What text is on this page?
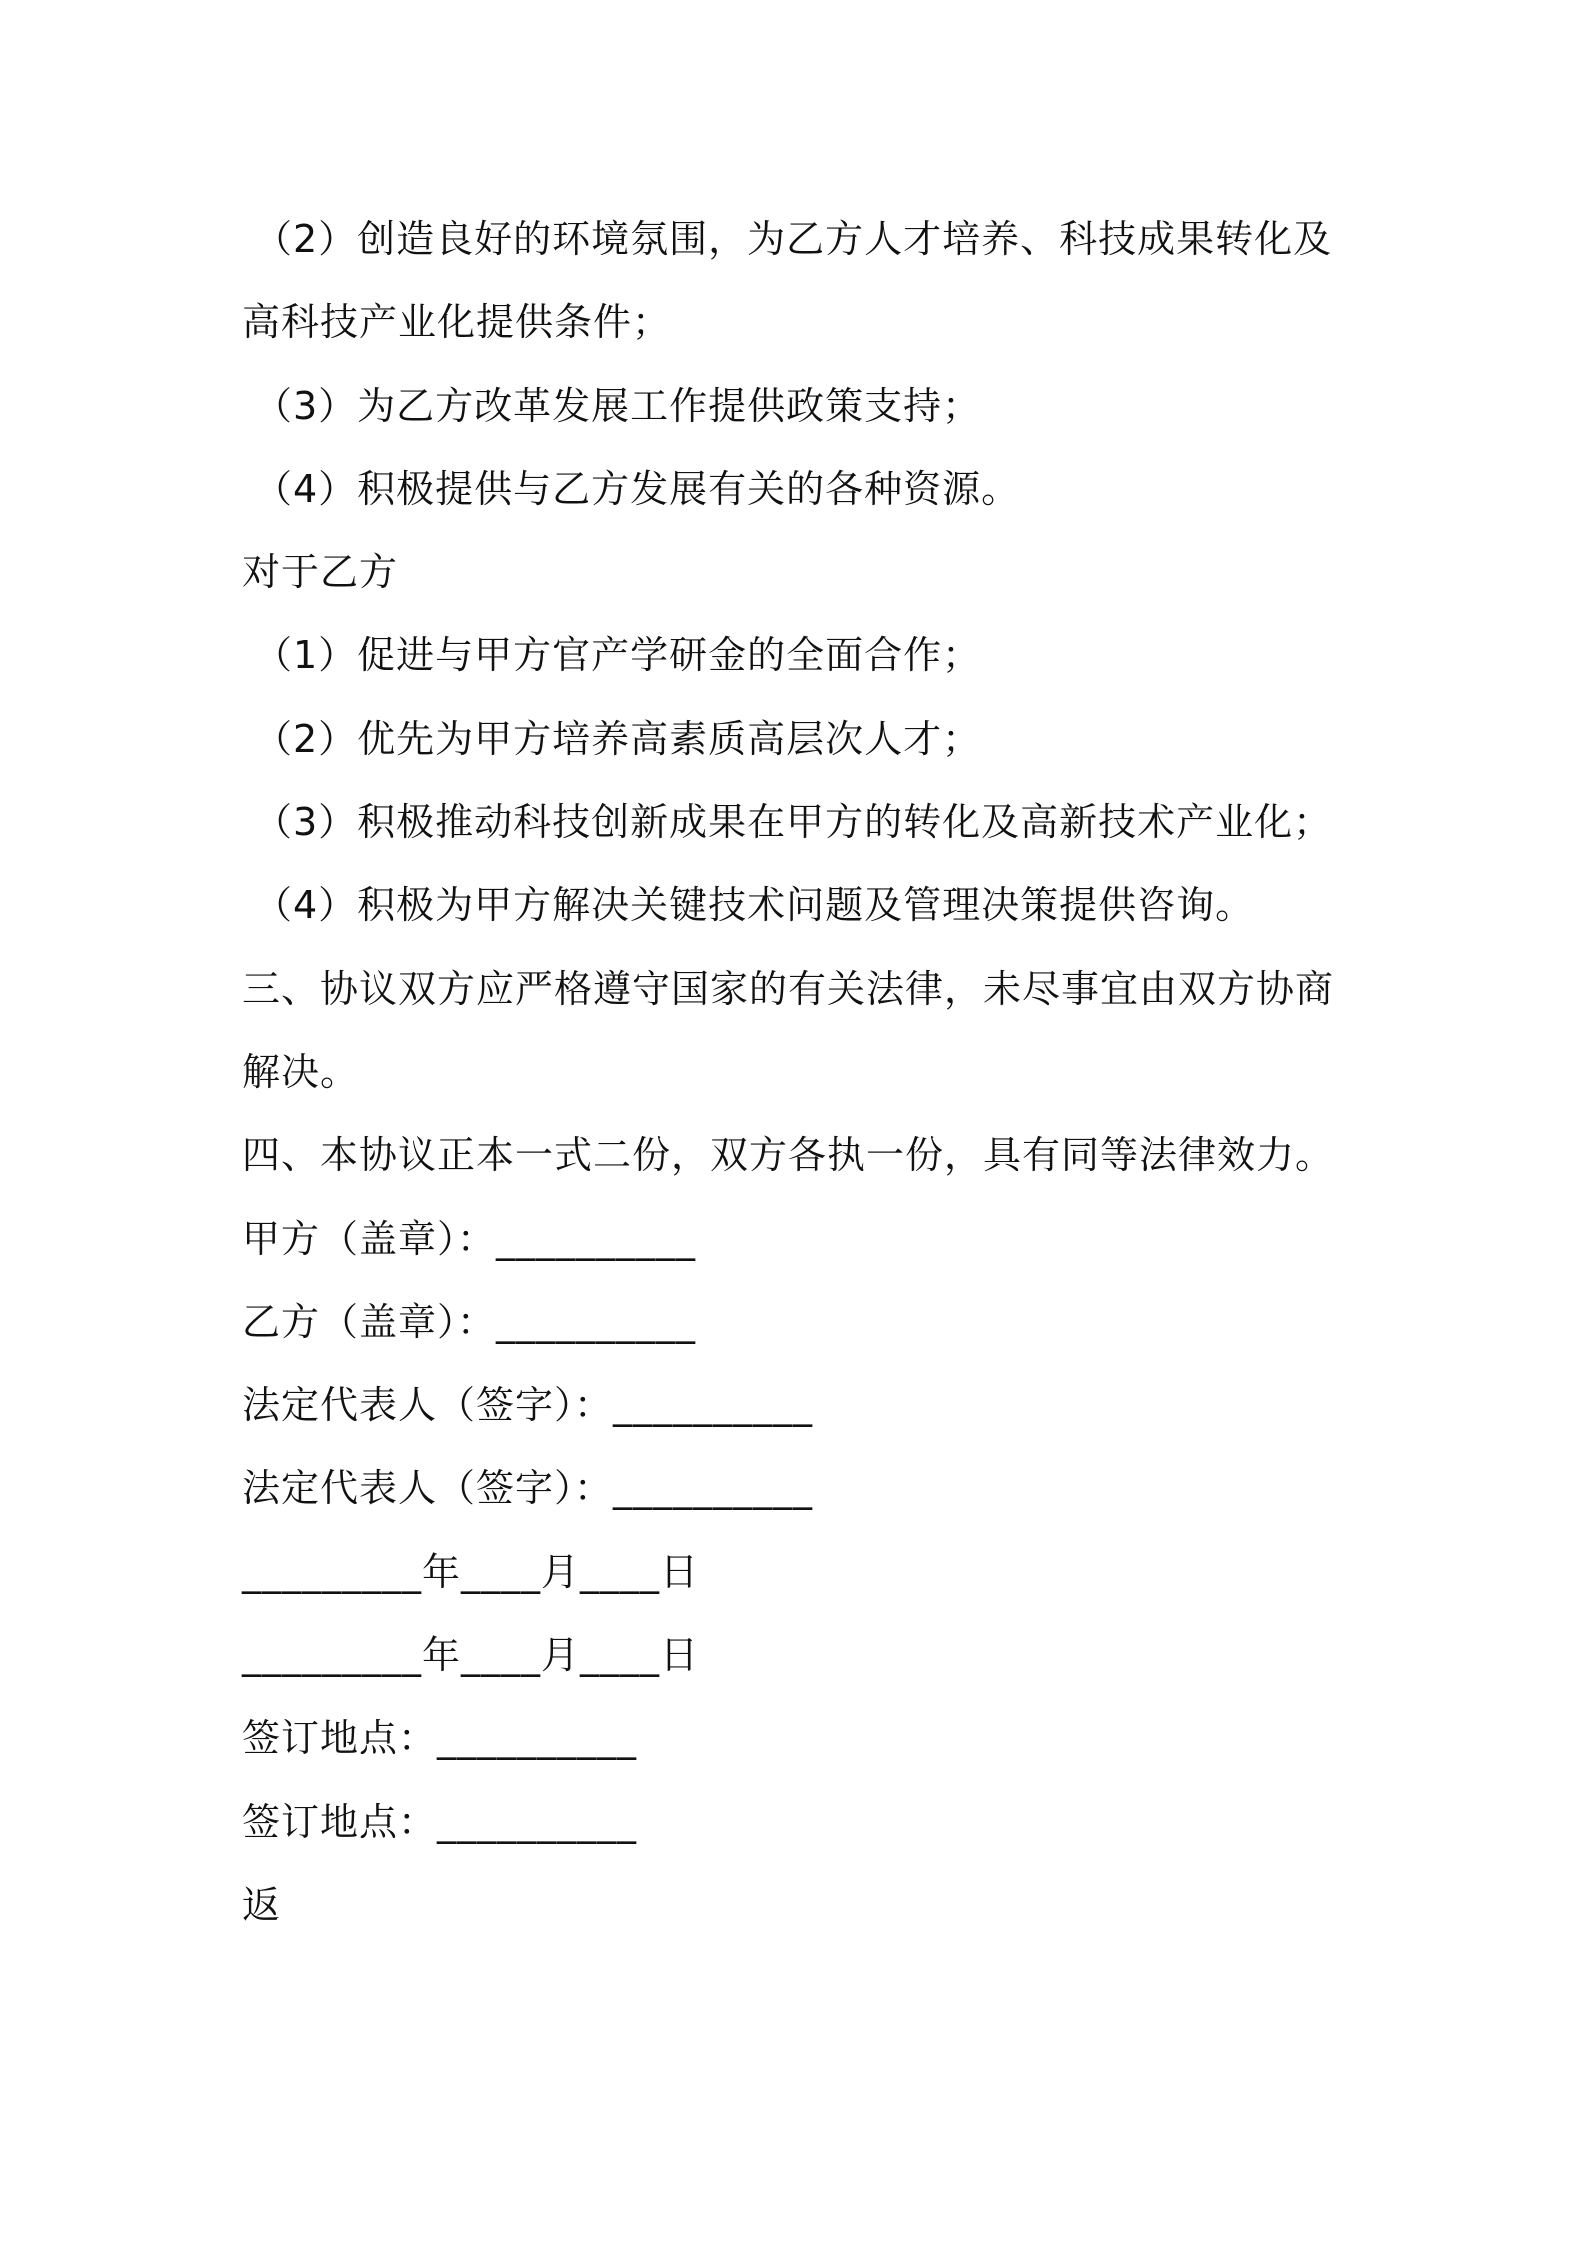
（2）创造良好的环境氛围，为乙方人才培养、科技成果转化及
高科技产业化提供条件；
（3）为乙方改革发展工作提供政策支持；
（4）积极提供与乙方发展有关的各种资源。
对于乙方
（1）促进与甲方官产学研金的全面合作；
（2）优先为甲方培养高素质高层次人才；
（3）积极推动科技创新成果在甲方的转化及高新技术产业化；
（4）积极为甲方解决关键技术问题及管理决策提供咨询。
三、协议双方应严格遵守国家的有关法律，未尽事宜由双方协商
解决。
四、本协议正本一式二份，双方各执一份，具有同等法律效力。
甲方（盖章）：__________
乙方（盖章）：__________
法定代表人（签字）：__________
法定代表人（签字）：__________
_________年____月____日
_________年____月____日
签订地点：__________
签订地点：__________
返
